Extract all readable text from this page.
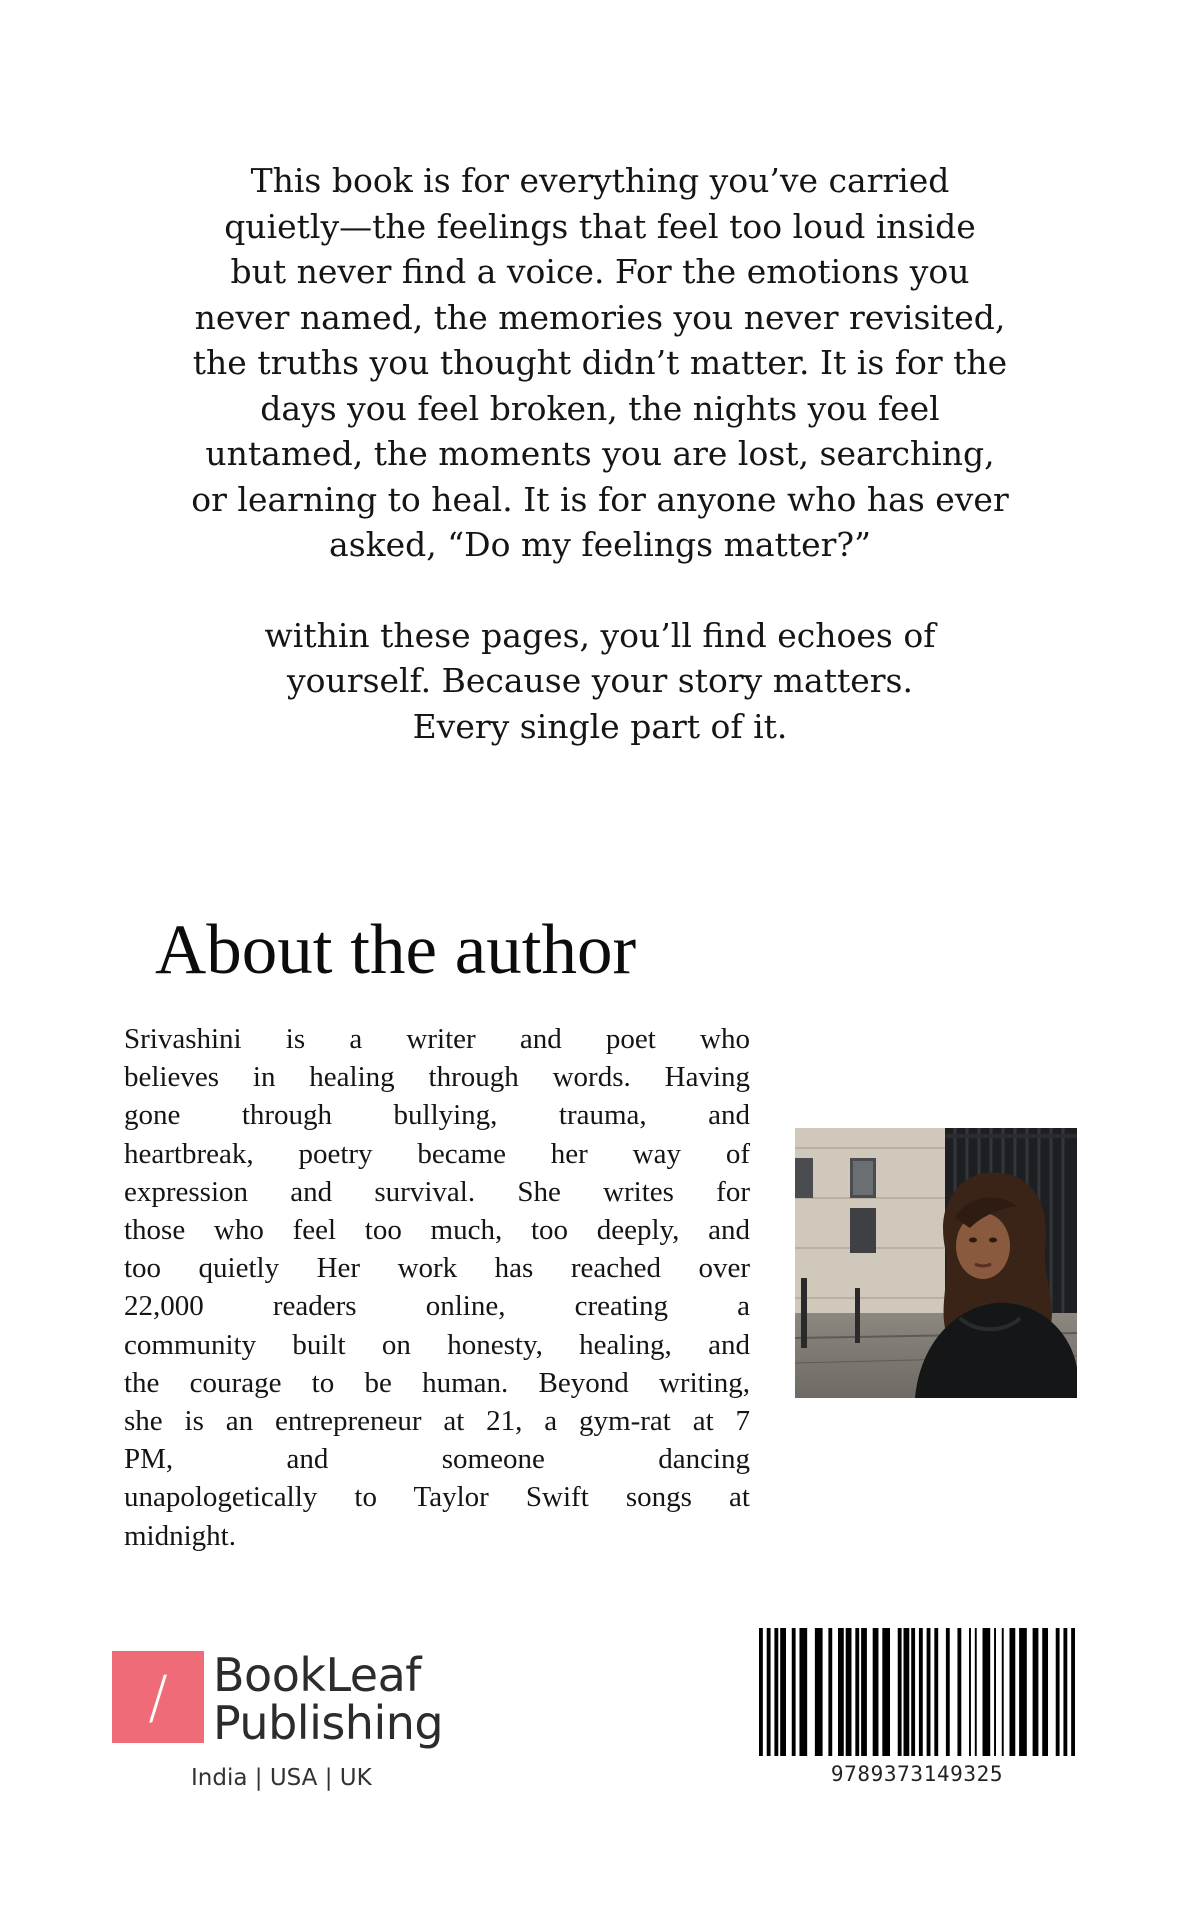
This book is for everything you’ve carried
quietly—the feelings that feel too loud inside
but never find a voice. For the emotions you
never named, the memories you never revisited,
the truths you thought didn’t matter. It is for the
days you feel broken, the nights you feel
untamed, the moments you are lost, searching,
or learning to heal. It is for anyone who has ever
asked, “Do my feelings matter?”

within these pages, you’ll find echoes of
yourself. Because your story matters.
Every single part of it.

About the author
Srivashini is a writer and poet who
believes in healing through words. Having
gone through bullying, trauma, and
heartbreak, poetry became her way of
expression and survival. She writes for
those who feel too much, too deeply, and
too quietly Her work has reached over
22,000 readers online, creating a
community built on honesty, healing, and
the courage to be human. Beyond writing,
she is an entrepreneur at 21, a gym-rat at 7
PM, and someone dancing
unapologetically to Taylor Swift songs at
midnight.
/ BookLeaf
Publishing
India | USA | UK	9789373149325
